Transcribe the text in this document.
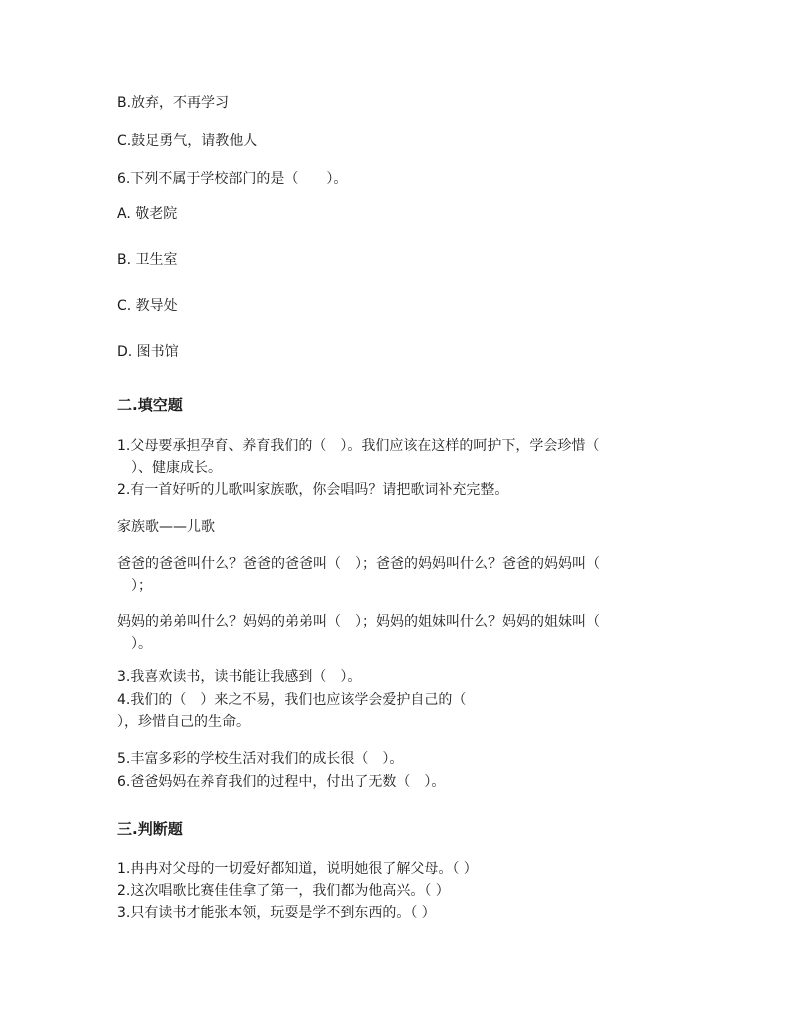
B.放弃，不再学习
C.鼓足勇气，请教他人
6.下列不属于学校部门的是（　　）。
A. 敬老院
B. 卫生室
C. 教导处
D. 图书馆
二.填空题
1.父母要承担孕育、养育我们的（　）。我们应该在这样的呵护下，学会珍惜（
　）、健康成长。
2.有一首好听的儿歌叫家族歌，你会唱吗？请把歌词补充完整。
家族歌——儿歌
爸爸的爸爸叫什么？爸爸的爸爸叫（　）；爸爸的妈妈叫什么？爸爸的妈妈叫（
　）；
妈妈的弟弟叫什么？妈妈的弟弟叫（　）；妈妈的姐妹叫什么？妈妈的姐妹叫（
　）。
3.我喜欢读书，读书能让我感到（　）。
4.我们的（　）来之不易，我们也应该学会爱护自己的（
），珍惜自己的生命。
5.丰富多彩的学校生活对我们的成长很（　）。
6.爸爸妈妈在养育我们的过程中，付出了无数（　）。
三.判断题
1.冉冉对父母的一切爱好都知道，说明她很了解父母。（ ）
2.这次唱歌比赛佳佳拿了第一，我们都为他高兴。（ ）
3.只有读书才能张本领，玩耍是学不到东西的。（ ）
